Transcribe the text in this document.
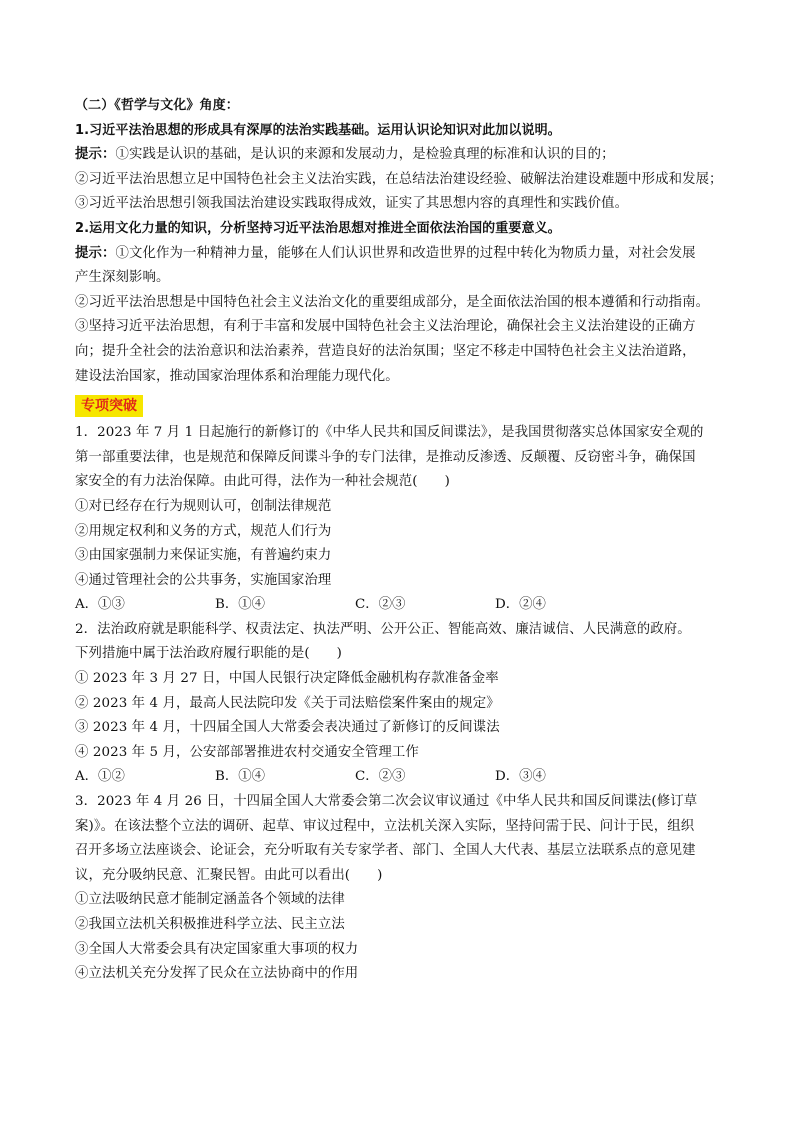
（二）《哲学与文化》角度：
1.习近平法治思想的形成具有深厚的法治实践基础。运用认识论知识对此加以说明。
提示：①实践是认识的基础，是认识的来源和发展动力，是检验真理的标准和认识的目的；
②习近平法治思想立足中国特色社会主义法治实践，在总结法治建设经验、破解法治建设难题中形成和发展；
③习近平法治思想引领我国法治建设实践取得成效，证实了其思想内容的真理性和实践价值。
2.运用文化力量的知识，分析坚持习近平法治思想对推进全面依法治国的重要意义。
提示：①文化作为一种精神力量，能够在人们认识世界和改造世界的过程中转化为物质力量，对社会发展
产生深刻影响。
②习近平法治思想是中国特色社会主义法治文化的重要组成部分，是全面依法治国的根本遵循和行动指南。
③坚持习近平法治思想，有利于丰富和发展中国特色社会主义法治理论，确保社会主义法治建设的正确方
向；提升全社会的法治意识和法治素养，营造良好的法治氛围；坚定不移走中国特色社会主义法治道路，
建设法治国家，推动国家治理体系和治理能力现代化。
专项突破
1．2023 年 7 月 1 日起施行的新修订的《中华人民共和国反间谍法》，是我国贯彻落实总体国家安全观的
第一部重要法律，也是规范和保障反间谍斗争的专门法律，是推动反渗透、反颠覆、反窃密斗争，确保国
家安全的有力法治保障。由此可得，法作为一种社会规范(　　)
①对已经存在行为规则认可，创制法律规范
②用规定权利和义务的方式，规范人们行为
③由国家强制力来保证实施，有普遍约束力
④通过管理社会的公共事务，实施国家治理
A．①③	B．①④	C．②③	D．②④
2．法治政府就是职能科学、权责法定、执法严明、公开公正、智能高效、廉洁诚信、人民满意的政府。
下列措施中属于法治政府履行职能的是(　　)
① 2023 年 3 月 27 日，中国人民银行决定降低金融机构存款准备金率
② 2023 年 4 月，最高人民法院印发《关于司法赔偿案件案由的规定》
③ 2023 年 4 月，十四届全国人大常委会表决通过了新修订的反间谍法
④ 2023 年 5 月，公安部部署推进农村交通安全管理工作
A．①②	B．①④	C．②③	D．③④
3．2023 年 4 月 26 日，十四届全国人大常委会第二次会议审议通过《中华人民共和国反间谍法(修订草
案)》。在该法整个立法的调研、起草、审议过程中，立法机关深入实际，坚持问需于民、问计于民，组织
召开多场立法座谈会、论证会，充分听取有关专家学者、部门、全国人大代表、基层立法联系点的意见建
议，充分吸纳民意、汇聚民智。由此可以看出(　　)
①立法吸纳民意才能制定涵盖各个领域的法律
②我国立法机关积极推进科学立法、民主立法
③全国人大常委会具有决定国家重大事项的权力
④立法机关充分发挥了民众在立法协商中的作用
